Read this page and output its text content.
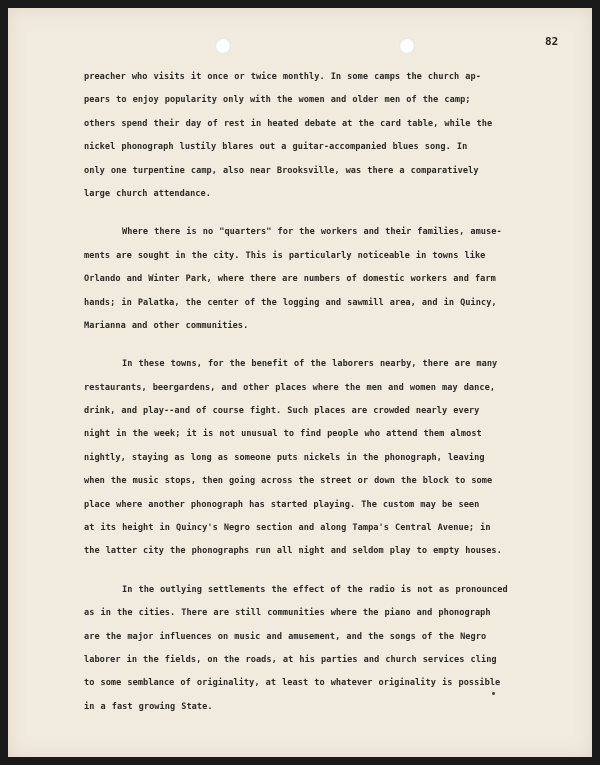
82

preacher who visits it once or twice monthly. In some camps the church ap-

pears to enjoy popularity only with the women and older men of the camp;

others spend their day of rest in heated debate at the card table, while the

nickel phonograph lustily blares out a guitar-accompanied blues song. In

only one turpentine camp, also near Brooksville, was there a comparatively

large church attendance.

Where there is no "quarters" for the workers and their families, amuse-

ments are sought in the city. This is particularly noticeable in towns like

Orlando and Winter Park, where there are numbers of domestic workers and farm

hands; in Palatka, the center of the logging and sawmill area, and in Quincy,

Marianna and other communities.

In these towns, for the benefit of the laborers nearby, there are many

restaurants, beergardens, and other places where the men and women may dance,

drink, and play--and of course fight. Such places are crowded nearly every

night in the week; it is not unusual to find people who attend them almost

nightly, staying as long as someone puts nickels in the phonograph, leaving

when the music stops, then going across the street or down the block to some

place where another phonograph has started playing. The custom may be seen

at its height in Quincy's Negro section and along Tampa's Central Avenue; in

the latter city the phonographs run all night and seldom play to empty houses.

In the outlying settlements the effect of the radio is not as pronounced

as in the cities. There are still communities where the piano and phonograph

are the major influences on music and amusement, and the songs of the Negro

laborer in the fields, on the roads, at his parties and church services cling

to some semblance of originality, at least to whatever originality is possible

in a fast growing State.
